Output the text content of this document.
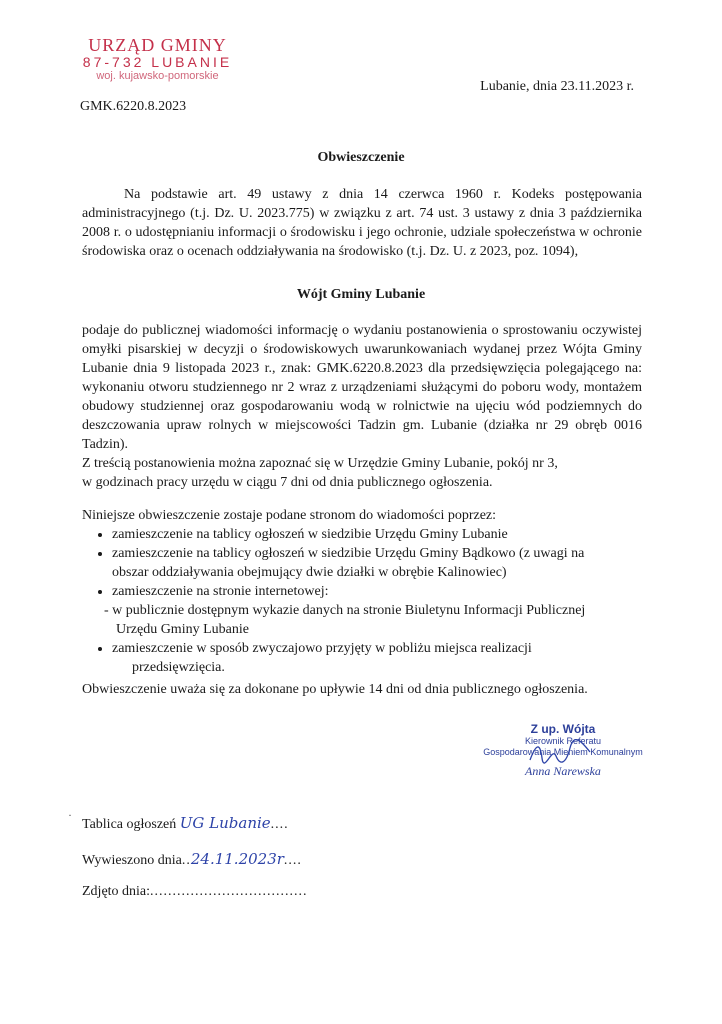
URZĄD GMINY
87-732 LUBANIE
woj. kujawsko-pomorskie
Lubanie, dnia 23.11.2023 r.
GMK.6220.8.2023
Obwieszczenie

Na podstawie art. 49 ustawy z dnia 14 czerwca 1960 r. Kodeks postępowania administracyjnego (t.j. Dz. U. 2023.775) w związku z art. 74 ust. 3 ustawy z dnia 3 października 2008 r. o udostępnianiu informacji o środowisku i jego ochronie, udziale społeczeństwa w ochronie środowiska oraz o ocenach oddziaływania na środowisko (t.j. Dz. U. z 2023, poz. 1094),

Wójt Gminy Lubanie

podaje do publicznej wiadomości informację o wydaniu postanowienia o sprostowaniu oczywistej omyłki pisarskiej w decyzji o środowiskowych uwarunkowaniach wydanej przez Wójta Gminy Lubanie dnia 9 listopada 2023 r., znak: GMK.6220.8.2023 dla przedsięwzięcia polegającego na: wykonaniu otworu studziennego nr 2 wraz z urządzeniami służącymi do poboru wody, montażem obudowy studziennej oraz gospodarowaniu wodą w rolnictwie na ujęciu wód podziemnych do deszczowania upraw rolnych w miejscowości Tadzin gm. Lubanie (działka nr 29 obręb 0016 Tadzin).

Z treścią postanowienia można zapoznać się w Urzędzie Gminy Lubanie, pokój nr 3,
w godzinach pracy urzędu w ciągu 7 dni od dnia publicznego ogłoszenia.
Niniejsze obwieszczenie zostaje podane stronom do wiadomości poprzez:
• zamieszczenie na tablicy ogłoszeń w siedzibie Urzędu Gminy Lubanie
• zamieszczenie na tablicy ogłoszeń w siedzibie Urzędu Gminy Bądkowo (z uwagi na
obszar oddziaływania obejmujący dwie działki w obrębie Kalinowiec)
• zamieszczenie na stronie internetowej:
- w publicznie dostępnym wykazie danych na stronie Biuletynu Informacji Publicznej
Urzędu Gminy Lubanie
• zamieszczenie w sposób zwyczajowo przyjęty w pobliżu miejsca realizacji
przedsięwzięcia.
Obwieszczenie uważa się za dokonane po upływie 14 dni od dnia publicznego ogłoszenia.
Z up. Wójta
Kierownik Referatu
Gospodarowania Mieniem Komunalnym
Anna Narewska
·
Tablica ogłoszeń UG Lubanie....
Wywieszono dnia..24.11.2023r....
Zdjęto dnia:...................................
